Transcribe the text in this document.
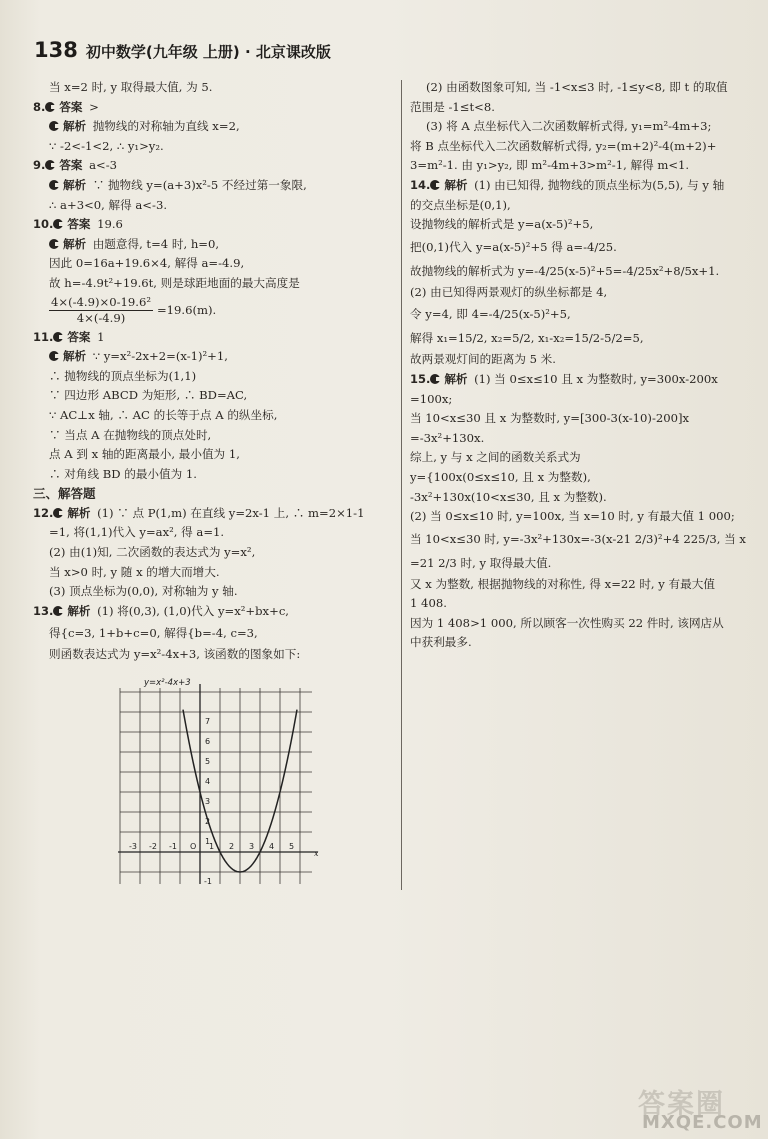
138 初中数学(九年级 上册) · 北京课改版
当 x=2 时, y 取得最大值, 为 5.
8. 答案 >
解析 抛物线的对称轴为直线 x=2,
∵ -2<-1<2, ∴ y₁>y₂.
9. 答案 a<-3
解析 ∵ 抛物线 y=(a+3)x²-5 不经过第一象限,
∴ a+3<0, 解得 a<-3.
10. 答案 19.6
解析 由题意得, t=4 时, h=0,
因此 0=16a+19.6×4, 解得 a=-4.9,
故 h=-4.9t²+19.6t, 则是球距地面的最大高度是
$\frac{\text{4×(-4.9)×0-19.6²}}{4\times(-4.9)} =19.6(m)$.
11. 答案 1
解析 ∵ y=x²-2x+2=(x-1)²+1,
∴ 抛物线的顶点坐标为(1,1)
∵ 四边形 ABCD 为矩形, ∴ BD=AC,
∵ AC⊥x 轴, ∴ AC 的长等于点 A 的纵坐标,
∵ 当点 A 在抛物线的顶点处时,
点 A 到 x 轴的距离最小, 最小值为 1,
∴ 对角线 BD 的最小值为 1.
三、解答题
12. 解析 (1) ∵ 点 P(1,m) 在直线 y=2x-1 上, ∴ m=2×1-1
=1, 将(1,1)代入 y=ax², 得 a=1.
(2) 由(1)知, 二次函数的表达式为 y=x²,
当 x>0 时, y 随 x 的增大而增大.
(3) 顶点坐标为(0,0), 对称轴为 y 轴.
13. 解析 (1) 将(0,3), (1,0)代入 y=x²+bx+c,
得{c=3, 1+b+c=0, 解得{b=-4, c=3,
则函数表达式为 y=x²-4x+3, 该函数的图象如下:
y=x²-4x+3
x
-3 -2 -1 O 1 2 3 4 5
7
6
5
4
3
2
1
-1
(2) 由函数图象可知, 当 -1<x≤3 时, -1≤y<8, 即 t 的取值
范围是 -1≤t<8.
(3) 将 A 点坐标代入二次函数解析式得, y₁=m²-4m+3;
将 B 点坐标代入二次函数解析式得, y₂=(m+2)²-4(m+2)+
3=m²-1. 由 y₁>y₂, 即 m²-4m+3>m²-1, 解得 m<1.
14. 解析 (1) 由已知得, 抛物线的顶点坐标为(5,5), 与 y 轴
的交点坐标是(0,1),
设抛物线的解析式是 y=a(x-5)²+5,
把(0,1)代入 y=a(x-5)²+5 得 a=-4/25.
故抛物线的解析式为 y=-4/25(x-5)²+5=-4/25x²+8/5x+1.
(2) 由已知得两景观灯的纵坐标都是 4,
令 y=4, 即 4=-4/25(x-5)²+5,
解得 x₁=15/2, x₂=5/2, x₁-x₂=15/2-5/2=5,
故两景观灯间的距离为 5 米.
15. 解析 (1) 当 0≤x≤10 且 x 为整数时, y=300x-200x
=100x;
当 10<x≤30 且 x 为整数时, y=[300-3(x-10)-200]x
=-3x²+130x.
综上, y 与 x 之间的函数关系式为
y={100x(0≤x≤10, 且 x 为整数),
-3x²+130x(10<x≤30, 且 x 为整数).
(2) 当 0≤x≤10 时, y=100x, 当 x=10 时, y 有最大值 1 000;
当 10<x≤30 时, y=-3x²+130x=-3(x-21 2/3)²+4 225/3, 当 x
=21 2/3 时, y 取得最大值.
又 x 为整数, 根据抛物线的对称性, 得 x=22 时, y 有最大值
1 408.
因为 1 408>1 000, 所以顾客一次性购买 22 件时, 该网店从
中获利最多.
答案圈
MXQE.COM
